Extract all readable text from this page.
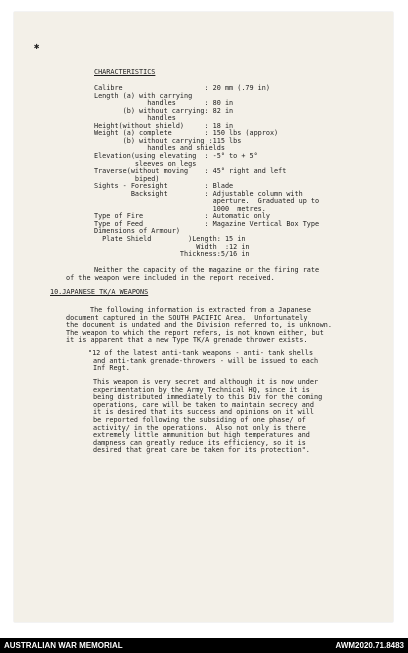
✱
CHARACTERISTICS
Calibre                    : 20 mm (.79 in)
Length (a) with carrying
handles       : 80 in
(b) without carrying: 82 in
handles
Height(without shield)     : 18 in
Weight (a) complete        : 150 lbs (approx)
(b) without carrying :115 lbs
handles and shields
Elevation(using elevating  : -5° to + 5°
sleeves on legs
Traverse(without moving    : 45° right and left
biped)
Sights - Foresight         : Blade
Backsight         : Adjustable column with
aperture.  Graduated up to
1000  metres.
Type of Fire               : Automatic only
Type of Feed               : Magazine Vertical Box Type
Dimensions of Armour)
Plate Shield         )Length: 15 in
Width  :12 in
Thickness:5/16 in
Neither the capacity of the magazine or the firing rate
of the weapon were included in the report received.
10.JAPANESE TK/A WEAPONS
The following information is extracted from a Japanese
document captured in the SOUTH PACIFIC Area.  Unfortunately
the document is undated and the Division referred to, is unknown.
The weapon to which the report refers, is not known either, but
it is apparent that a new Type TK/A grenade thrower exists.
"12 of the latest anti-tank weapons - anti- tank shells
and anti-tank grenade-throwers - will be issued to each
Inf Regt.
This weapon is very secret and although it is now under
experimentation by the Army Technical HQ, since it is
being distributed immediately to this Div for the coming
operations, care will be taken to maintain secrecy and
it is desired that its success and opinions on it will
be reported following the subsiding of one phase/ of
activity/ in the operations.  Also not only is there
extremely little ammunition but high temperatures and
dampness can greatly reduce its efficiency, so it is
desired that great care be taken for its protection".
AUSTRALIAN WAR MEMORIAL	AWM2020.71.8483
